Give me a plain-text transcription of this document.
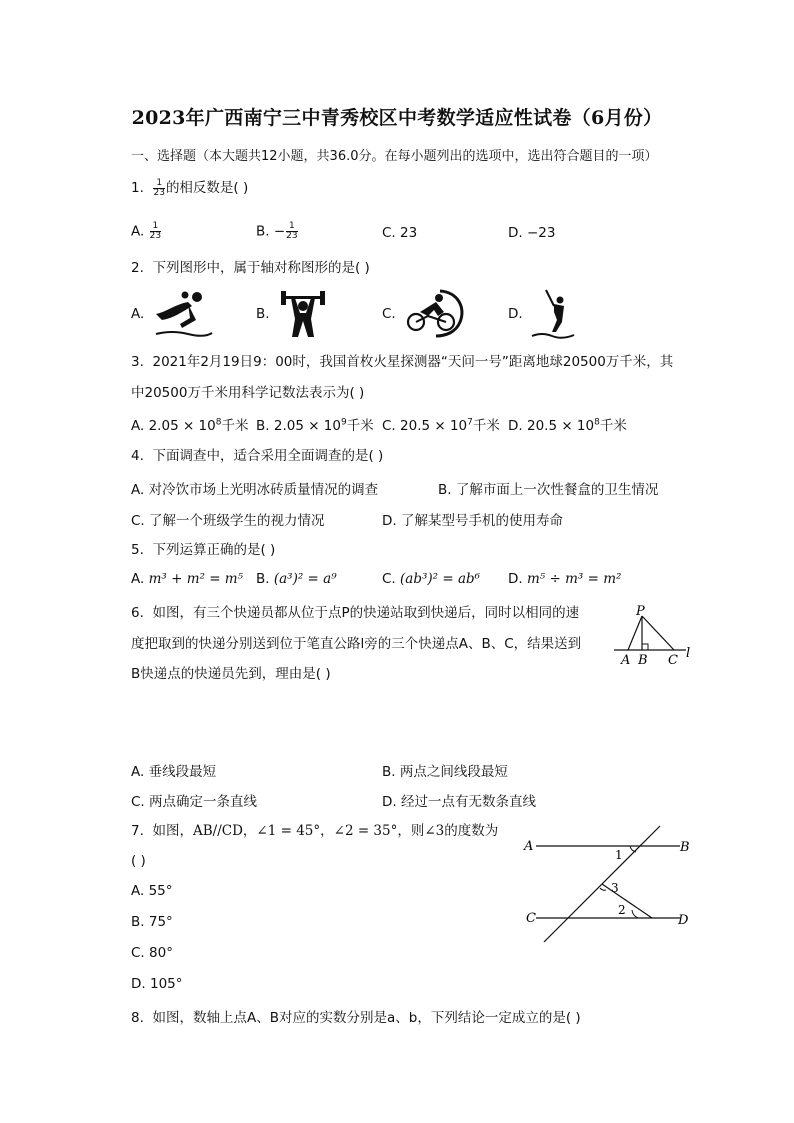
2023年广西南宁三中青秀校区中考数学适应性试卷（6月份）
一、选择题（本大题共12小题，共36.0分。在每小题列出的选项中，选出符合题目的一项）
1. $\frac{1}{23}$ 的相反数是( )
A. $\frac{1}{23}$	B. − $\frac{1}{23}$	C. 23	D. −23
2. 下列图形中，属于轴对称图形的是( )
A.	B.	C.	D.
3. 2021年2月19日9：00时，我国首枚火星探测器“天问一号”距离地球20500万千米，其
中20500万千米用科学记数法表示为( )
A. $2.05 \times 10^8$千米 B. $2.05 \times 10^9$千米 C. $20.5 \times 10^7$千米 D. $20.5 \times 10^8$千米
4. 下面调查中，适合采用全面调查的是( )
A. 对冷饮市场上光明冰砖质量情况的调查	B. 了解市面上一次性餐盒的卫生情况
C. 了解一个班级学生的视力情况	D. 了解某型号手机的使用寿命
5. 下列运算正确的是( )
A. m³ + m² = m⁵ B. (a³)² = a⁹	C. (ab³)² = ab⁶ D. m⁵ ÷ m³ = m²
6. 如图，有三个快递员都从位于点P的快递站取到快递后，同时以相同的速
度把取到的快递分别送到位于笔直公路l旁的三个快递点A、B、C，结果送到
B快递点的快递员先到，理由是( )
P
A B C l
A. 垂线段最短	B. 两点之间线段最短
C. 两点确定一条直线	D. 经过一点有无数条直线
7. 如图，AB//CD，∠1 = 45°，∠2 = 35°，则∠3的度数为
( )
A	B
C	D
1
2
3
A. 55°
B. 75°
C. 80°
D. 105°
8. 如图，数轴上点A、B对应的实数分别是a、b，下列结论一定成立的是( )
